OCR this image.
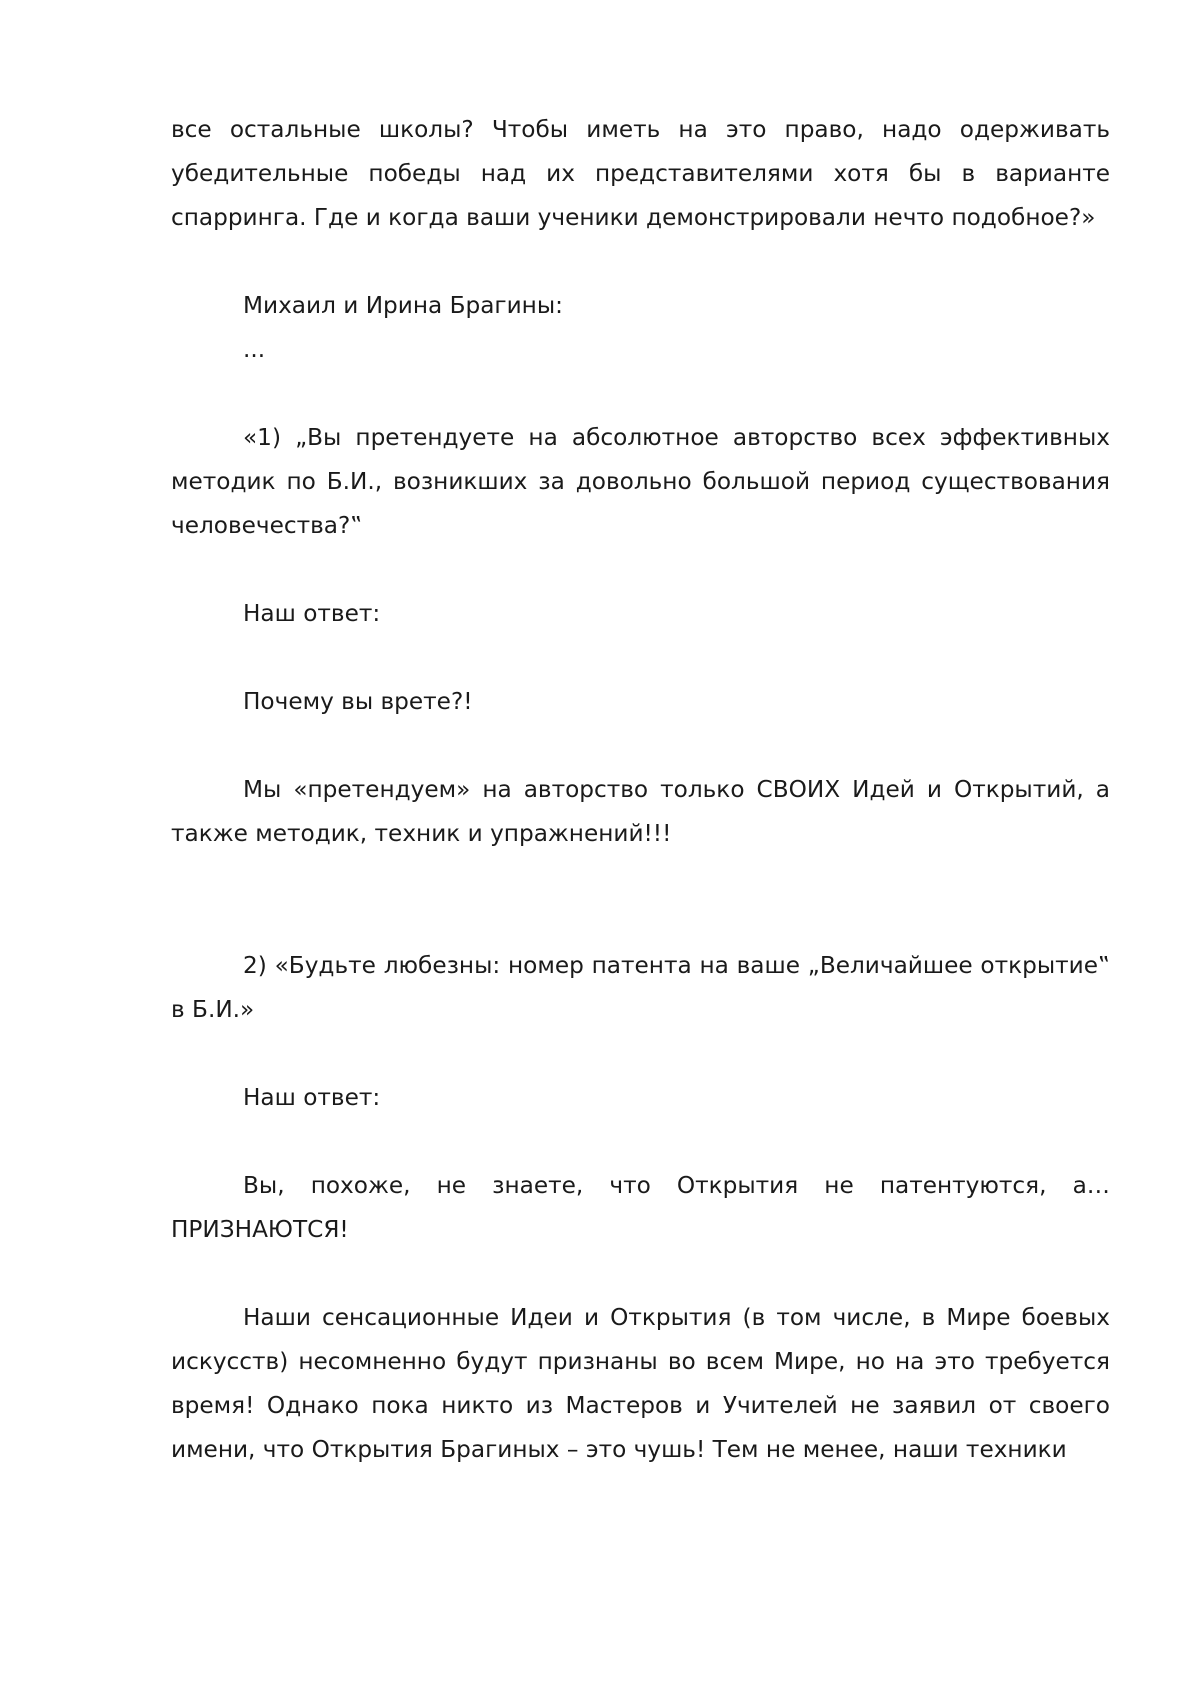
все остальные школы? Чтобы иметь на это право, надо одерживать убедительные победы над их представителями хотя бы в варианте спарринга. Где и когда ваши ученики демонстрировали нечто подобное?»

Михаил и Ирина Брагины:

...

«1) „Вы претендуете на абсолютное авторство всех эффективных методик по Б.И., возникших за довольно большой период существования человечества?‟

Наш ответ:

Почему вы врете?!

Мы «претендуем» на авторство только СВОИХ Идей и Открытий, а также методик, техник и упражнений!!!

2) «Будьте любезны: номер патента на ваше „Величайшее открытие‟ в Б.И.»

Наш ответ:

Вы, похоже, не знаете, что Открытия не патентуются, а… ПРИЗНАЮТСЯ!

Наши сенсационные Идеи и Открытия (в том числе, в Мире боевых искусств) несомненно будут признаны во всем Мире, но на это требуется время! Однако пока никто из Мастеров и Учителей не заявил от своего имени, что Открытия Брагиных – это чушь! Тем не менее, наши техники
